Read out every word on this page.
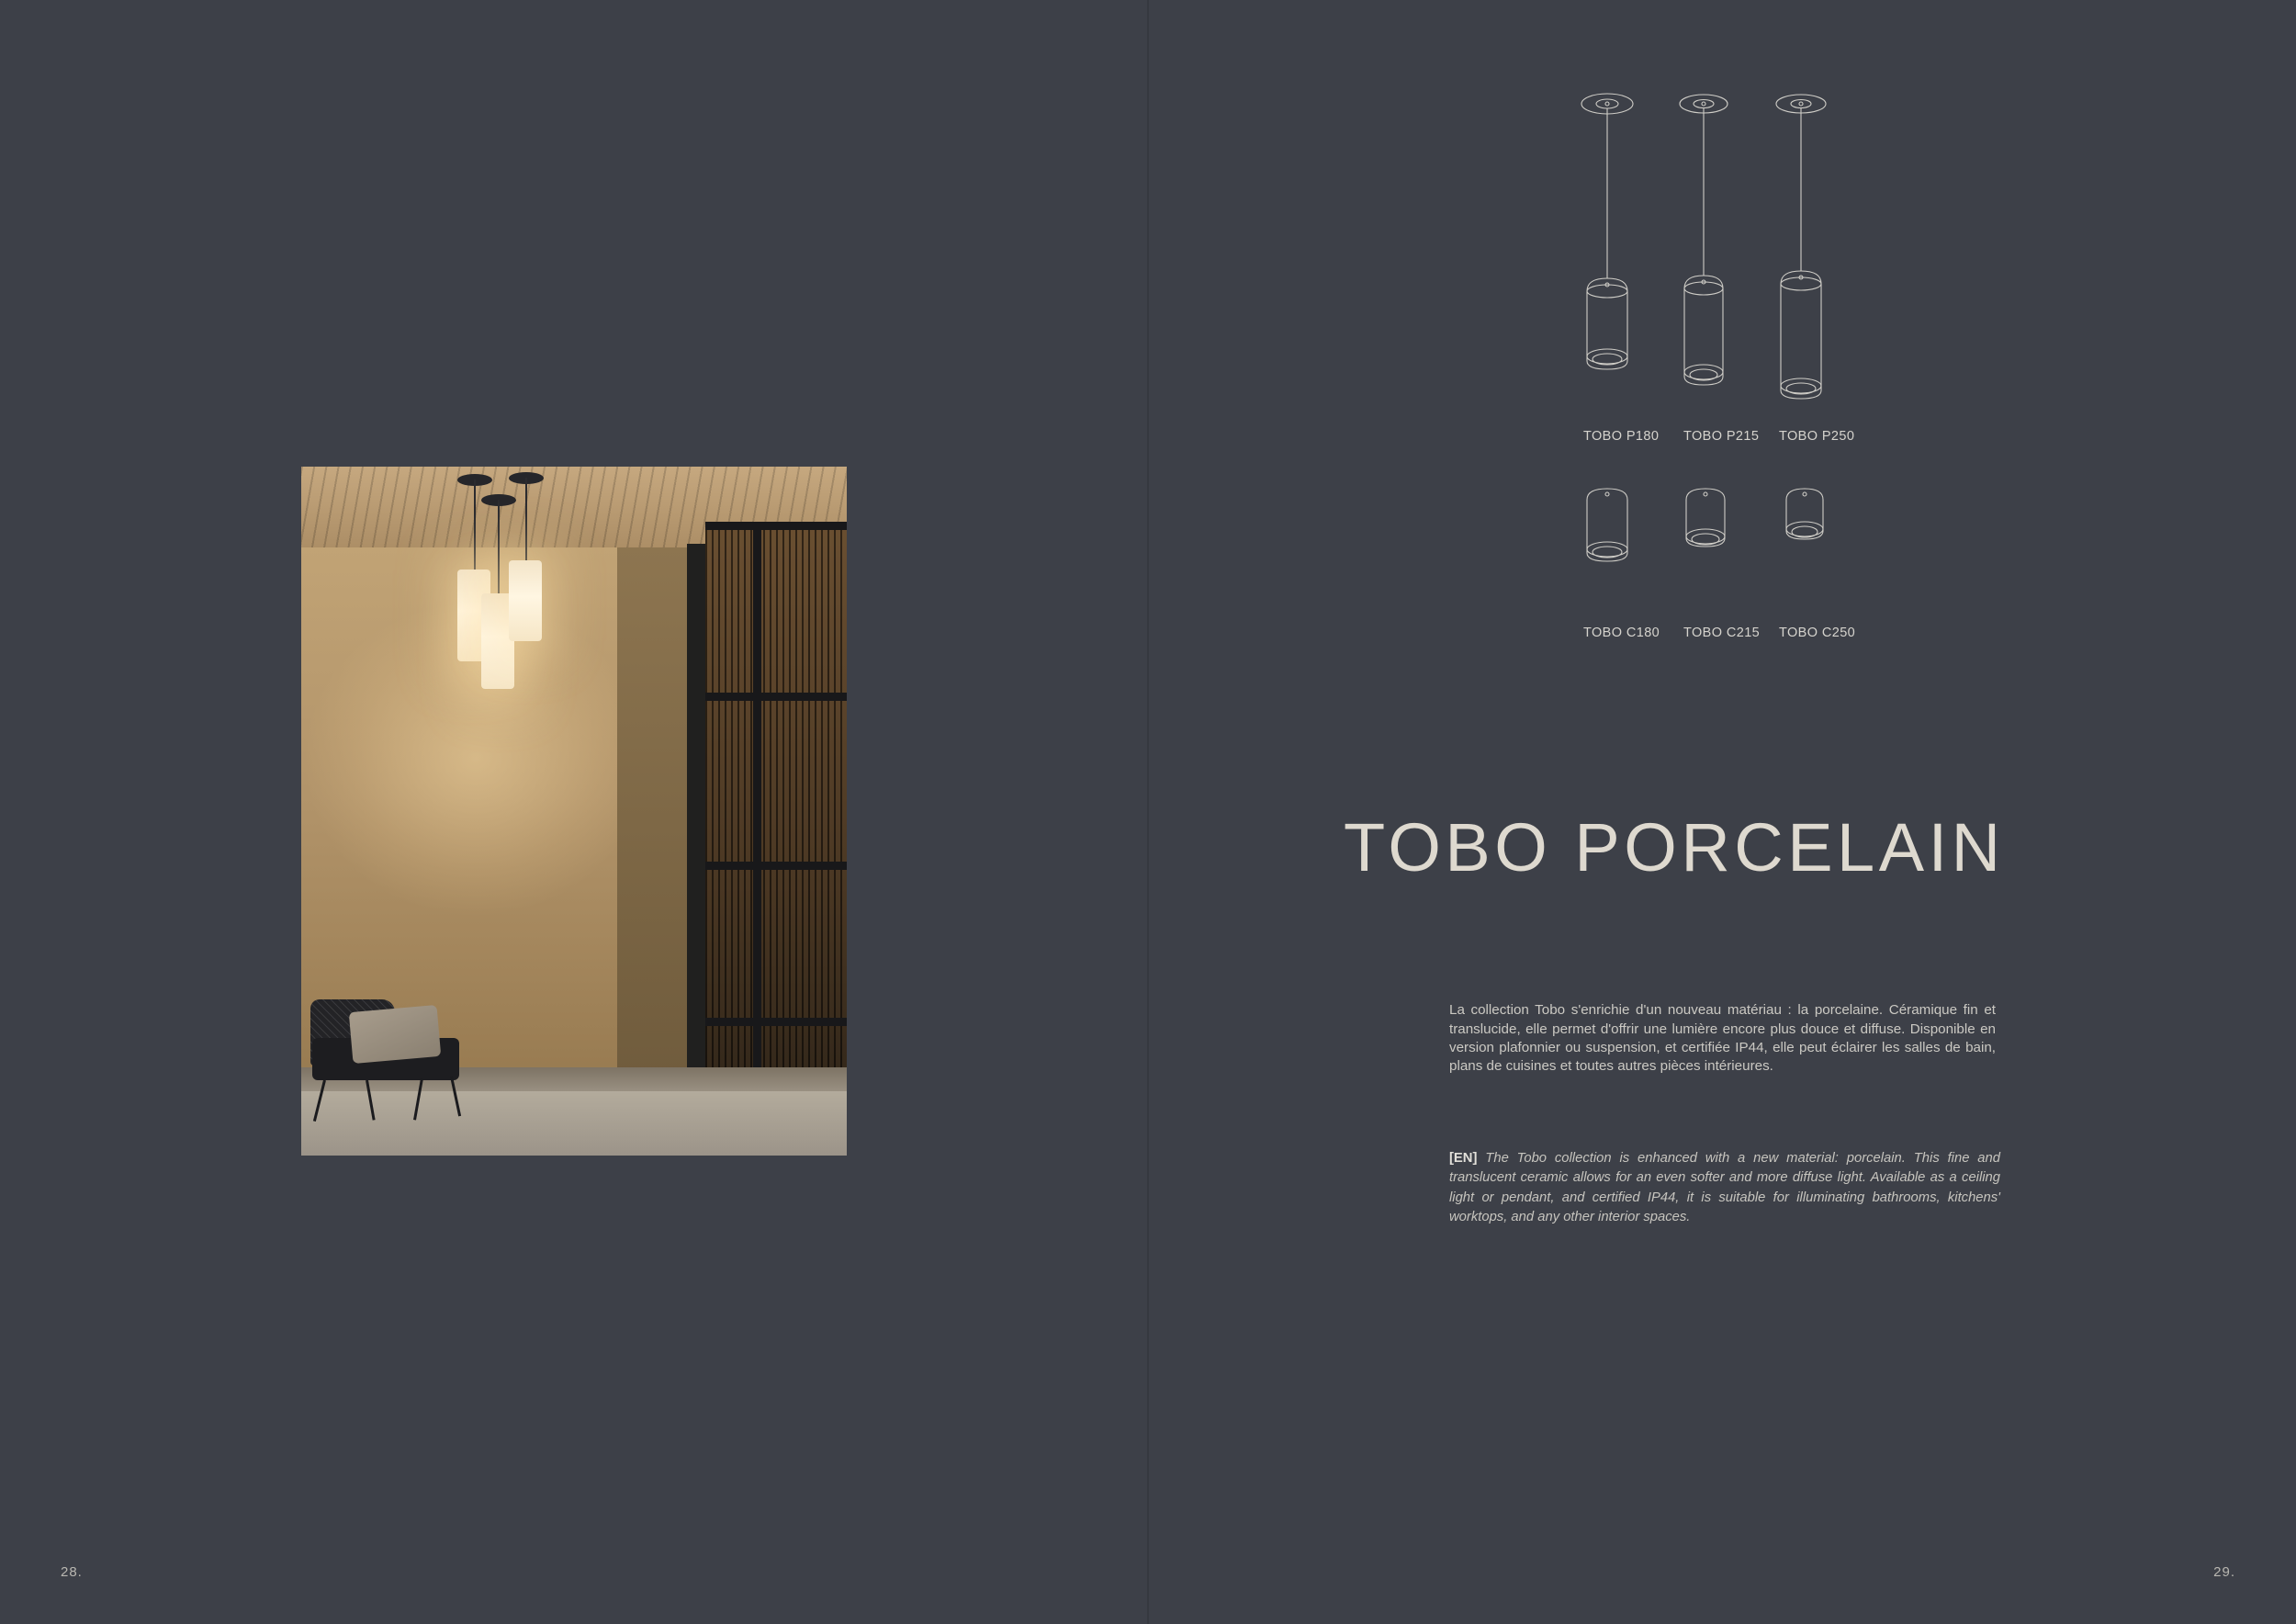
28.
TOBO P180 TOBO P215 TOBO P250
TOBO C180 TOBO C215 TOBO C250
TOBO PORCELAIN

La collection Tobo s'enrichie d'un nouveau matériau : la porcelaine. Céramique fin et translucide, elle permet d'offrir une lumière encore plus douce et diffuse. Disponible en version plafonnier ou suspension, et certifiée IP44, elle peut éclairer les salles de bain, plans de cuisines et toutes autres pièces intérieures.

[EN] The Tobo collection is enhanced with a new material: porcelain. This fine and translucent ceramic allows for an even softer and more diffuse light. Available as a ceiling light or pendant, and certified IP44, it is suitable for illuminating bathrooms, kitchens' worktops, and any other interior spaces.

29.
